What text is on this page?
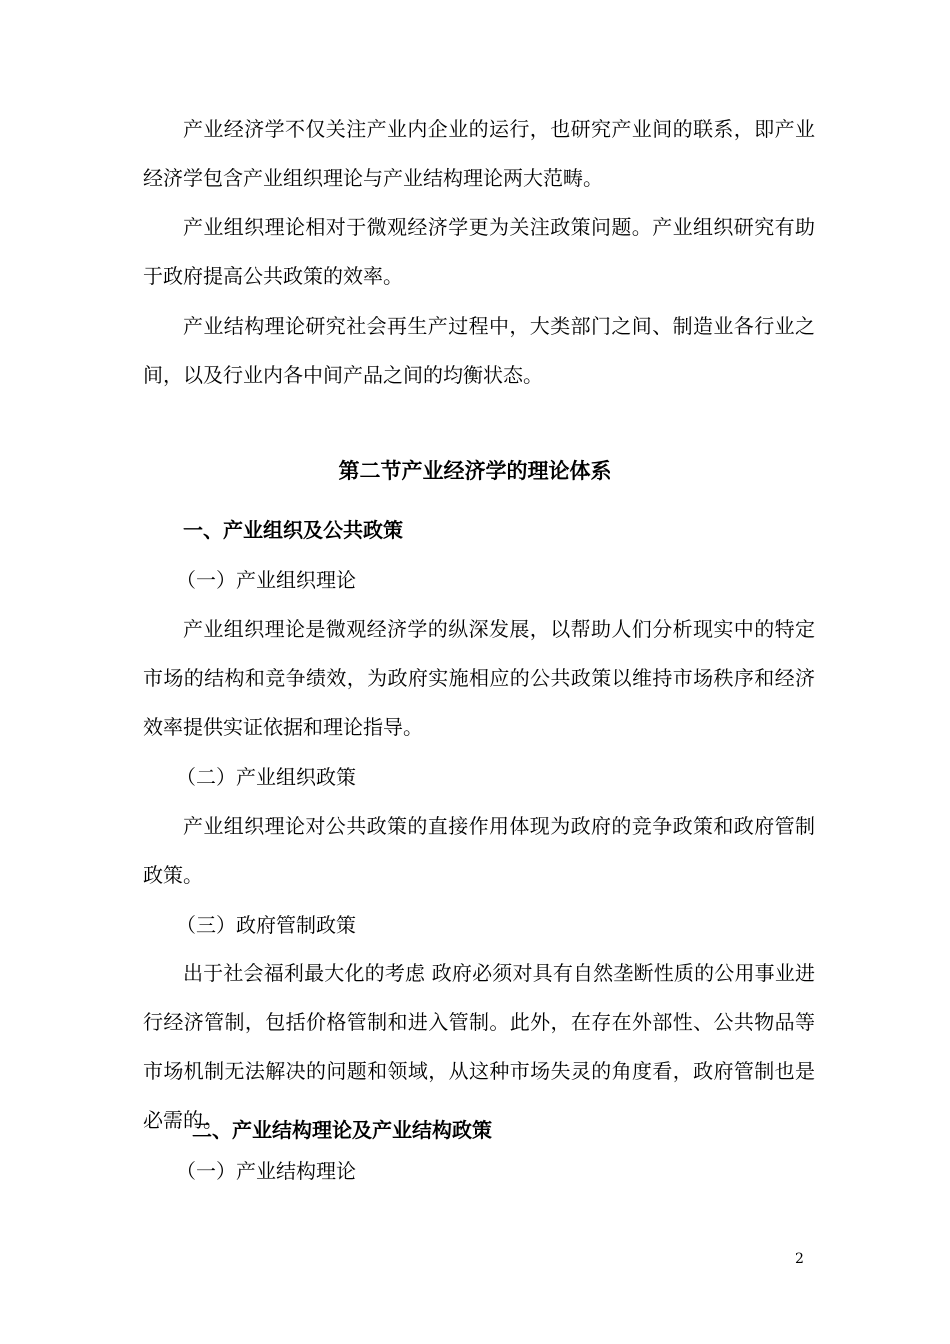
产业经济学不仅关注产业内企业的运行，也研究产业间的联系，即产业经济学包含产业组织理论与产业结构理论两大范畴。

产业组织理论相对于微观经济学更为关注政策问题。产业组织研究有助于政府提高公共政策的效率。

产业结构理论研究社会再生产过程中，大类部门之间、制造业各行业之间，以及行业内各中间产品之间的均衡状态。

第二节产业经济学的理论体系
一、产业组织及公共政策
（一）产业组织理论

产业组织理论是微观经济学的纵深发展，以帮助人们分析现实中的特定市场的结构和竞争绩效，为政府实施相应的公共政策以维持市场秩序和经济效率提供实证依据和理论指导。

（二）产业组织政策

产业组织理论对公共政策的直接作用体现为政府的竞争政策和政府管制政策。

（三）政府管制政策

出于社会福利最大化的考虑 政府必须对具有自然垄断性质的公用事业进行经济管制，包括价格管制和进入管制。此外，在存在外部性、公共物品等市场机制无法解决的问题和领域，从这种市场失灵的角度看，政府管制也是必需的。

二、产业结构理论及产业结构政策
（一）产业结构理论
2
